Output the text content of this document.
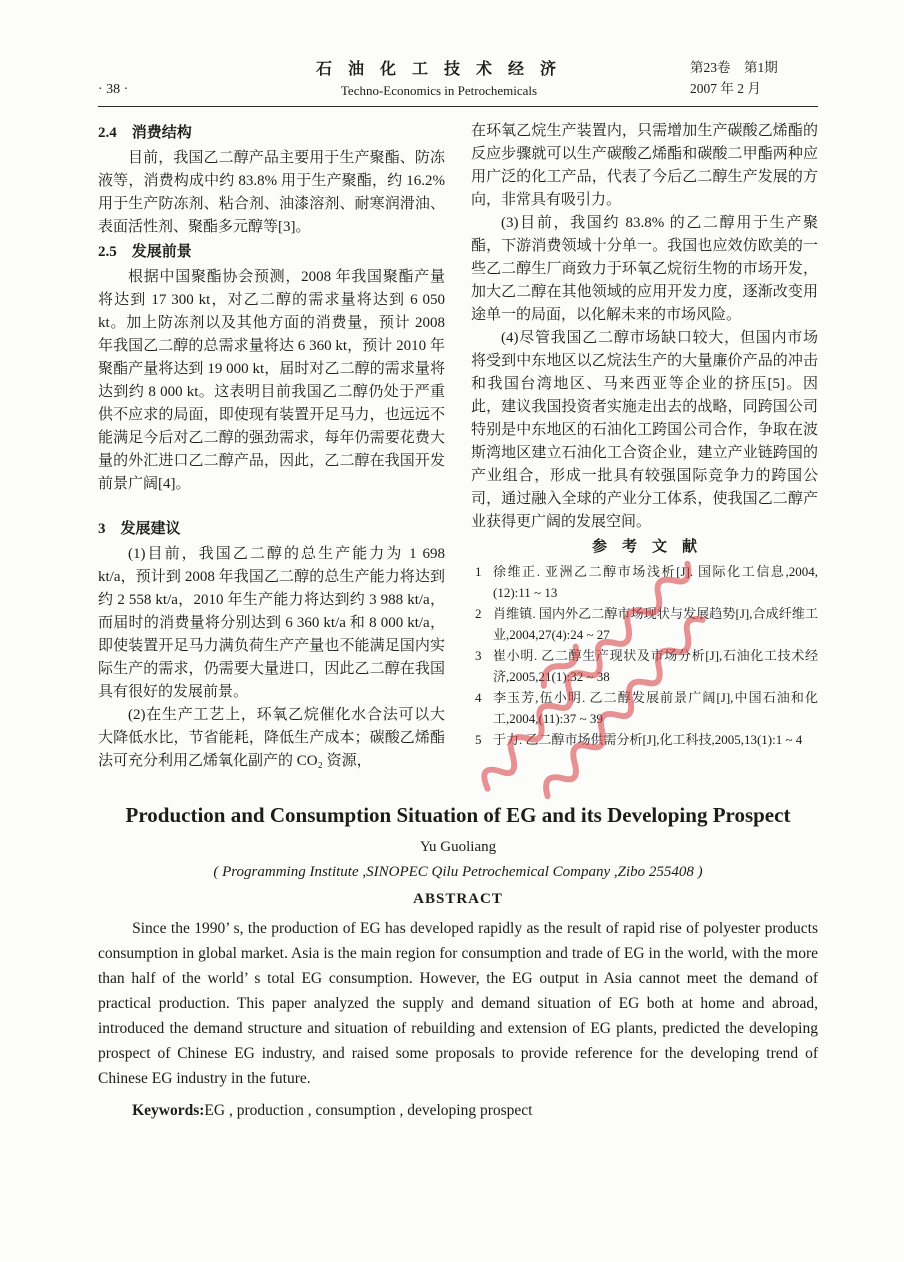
· 38 ·
石 油 化 工 技 术 经 济
Techno-Economics in Petrochemicals
第23卷　第1期
2007 年 2 月
2.4　消费结构

目前，我国乙二醇产品主要用于生产聚酯、防冻液等，消费构成中约 83.8% 用于生产聚酯，约 16.2% 用于生产防冻剂、粘合剂、油漆溶剂、耐寒润滑油、表面活性剂、聚酯多元醇等[3]。

2.5　发展前景

根据中国聚酯协会预测，2008 年我国聚酯产量将达到 17 300 kt，对乙二醇的需求量将达到 6 050 kt。加上防冻剂以及其他方面的消费量，预计 2008 年我国乙二醇的总需求量将达 6 360 kt，预计 2010 年聚酯产量将达到 19 000 kt，届时对乙二醇的需求量将达到约 8 000 kt。这表明目前我国乙二醇仍处于严重供不应求的局面，即使现有装置开足马力，也远远不能满足今后对乙二醇的强劲需求，每年仍需要花费大量的外汇进口乙二醇产品，因此，乙二醇在我国开发前景广阔[4]。

3　发展建议

(1)目前，我国乙二醇的总生产能力为 1 698 kt/a，预计到 2008 年我国乙二醇的总生产能力将达到约 2 558 kt/a，2010 年生产能力将达到约 3 988 kt/a，而届时的消费量将分别达到 6 360 kt/a 和 8 000 kt/a，即使装置开足马力满负荷生产产量也不能满足国内实际生产的需求，仍需要大量进口，因此乙二醇在我国具有很好的发展前景。

(2)在生产工艺上，环氧乙烷催化水合法可以大大降低水比，节省能耗，降低生产成本；碳酸乙烯酯法可充分利用乙烯氧化副产的 CO₂ 资源，

在环氧乙烷生产装置内，只需增加生产碳酸乙烯酯的反应步骤就可以生产碳酸乙烯酯和碳酸二甲酯两种应用广泛的化工产品，代表了今后乙二醇生产发展的方向，非常具有吸引力。

(3)目前，我国约 83.8% 的乙二醇用于生产聚酯，下游消费领域十分单一。我国也应效仿欧美的一些乙二醇生厂商致力于环氧乙烷衍生物的市场开发，加大乙二醇在其他领域的应用开发力度，逐渐改变用途单一的局面，以化解未来的市场风险。

(4)尽管我国乙二醇市场缺口较大，但国内市场将受到中东地区以乙烷法生产的大量廉价产品的冲击和我国台湾地区、马来西亚等企业的挤压[5]。因此，建议我国投资者实施走出去的战略，同跨国公司特别是中东地区的石油化工跨国公司合作，争取在波斯湾地区建立石油化工合资企业，建立产业链跨国的产业组合，形成一批具有较强国际竞争力的跨国公司，通过融入全球的产业分工体系，使我国乙二醇产业获得更广阔的发展空间。

参　考　文　献
1 徐维正. 亚洲乙二醇市场浅析[J]. 国际化工信息,2004, (12):11 ~ 13
2 肖维镇. 国内外乙二醇市场现状与发展趋势[J],合成纤维工业,2004,27(4):24 ~ 27
3 崔小明. 乙二醇生产现状及市场分析[J],石油化工技术经济,2005,21(1):32 ~ 38
4 李玉芳,伍小明. 乙二醇发展前景广阔[J],中国石油和化工,2004,(11):37 ~ 39
5 于力. 乙二醇市场供需分析[J],化工科技,2005,13(1):1 ~ 4
Production and Consumption Situation of EG and its Developing Prospect
Yu Guoliang
( Programming Institute ,SINOPEC Qilu Petrochemical Company ,Zibo 255408 )
ABSTRACT

Since the 1990’ s, the production of EG has developed rapidly as the result of rapid rise of polyester products consumption in global market. Asia is the main region for consumption and trade of EG in the world, with the more than half of the world’ s total EG consumption. However, the EG output in Asia cannot meet the demand of practical production. This paper analyzed the supply and demand situation of EG both at home and abroad, introduced the demand structure and situation of rebuilding and extension of EG plants, predicted the developing prospect of Chinese EG industry, and raised some proposals to provide reference for the developing trend of Chinese EG industry in the future.

Keywords:EG , production , consumption , developing prospect
